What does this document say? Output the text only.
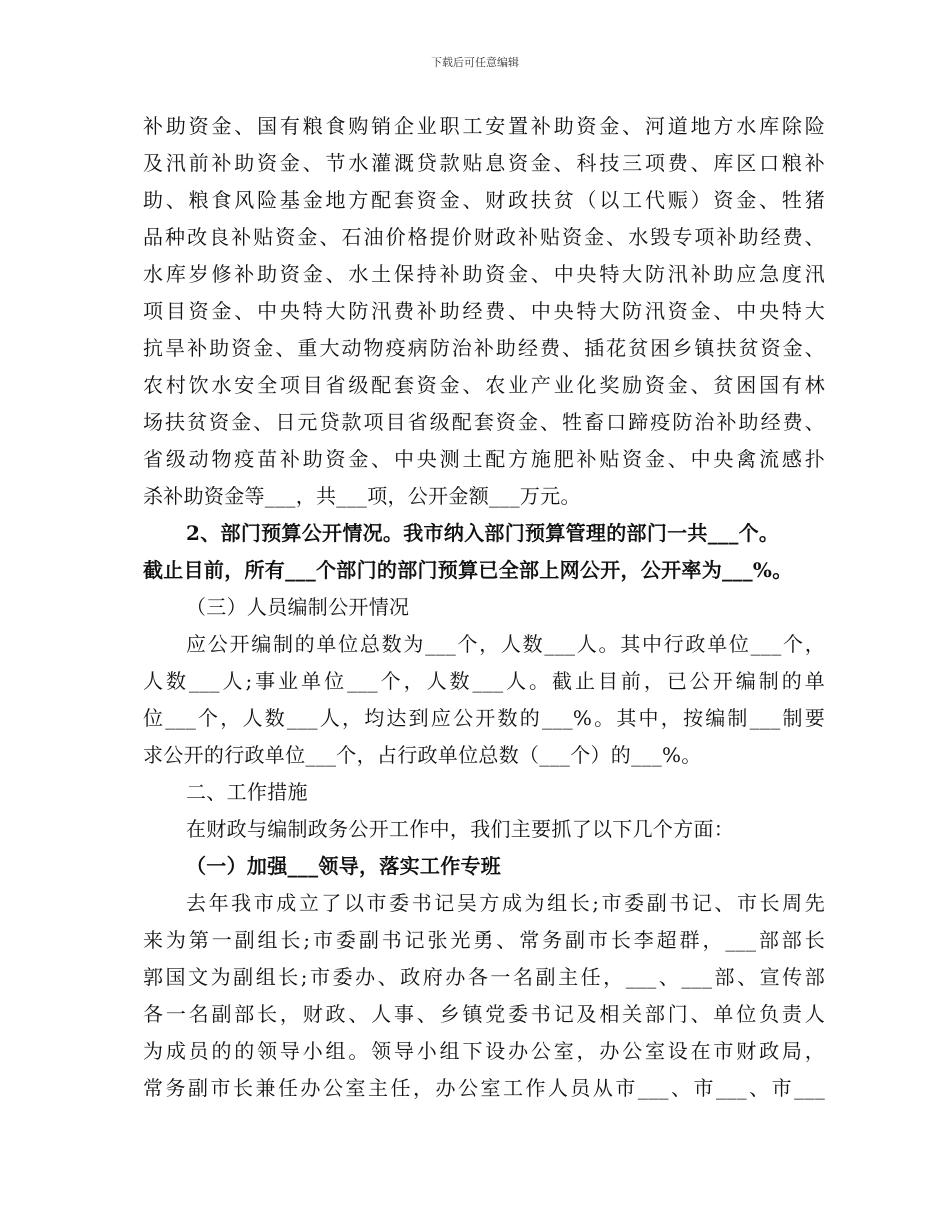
下载后可任意编辑
补助资金、国有粮食购销企业职工安置补助资金、河道地方水库除险
及汛前补助资金、节水灌溉贷款贴息资金、科技三项费、库区口粮补
助、粮食风险基金地方配套资金、财政扶贫（以工代赈）资金、牲猪
品种改良补贴资金、石油价格提价财政补贴资金、水毁专项补助经费、
水库岁修补助资金、水土保持补助资金、中央特大防汛补助应急度汛
项目资金、中央特大防汛费补助经费、中央特大防汛资金、中央特大
抗旱补助资金、重大动物疫病防治补助经费、插花贫困乡镇扶贫资金、
农村饮水安全项目省级配套资金、农业产业化奖励资金、贫困国有林
场扶贫资金、日元贷款项目省级配套资金、牲畜口蹄疫防治补助经费、
省级动物疫苗补助资金、中央测土配方施肥补贴资金、中央禽流感扑
杀补助资金等___，共___项，公开金额___万元。
2、部门预算公开情况。我市纳入部门预算管理的部门一共___个。
截止目前，所有___个部门的部门预算已全部上网公开，公开率为___%。
（三）人员编制公开情况
应公开编制的单位总数为___个，人数___人。其中行政单位___个，
人数___人;事业单位___个，人数___人。截止目前，已公开编制的单
位___个，人数___人，均达到应公开数的___%。其中，按编制___制要
求公开的行政单位___个，占行政单位总数（___个）的___%。
二、工作措施
在财政与编制政务公开工作中，我们主要抓了以下几个方面：
（一）加强___领导，落实工作专班
去年我市成立了以市委书记吴方成为组长;市委副书记、市长周先
来为第一副组长;市委副书记张光勇、常务副市长李超群，___部部长
郭国文为副组长;市委办、政府办各一名副主任，___、___部、宣传部
各一名副部长，财政、人事、乡镇党委书记及相关部门、单位负责人
为成员的的领导小组。领导小组下设办公室，办公室设在市财政局，
常务副市长兼任办公室主任，办公室工作人员从市___、市___、市___
